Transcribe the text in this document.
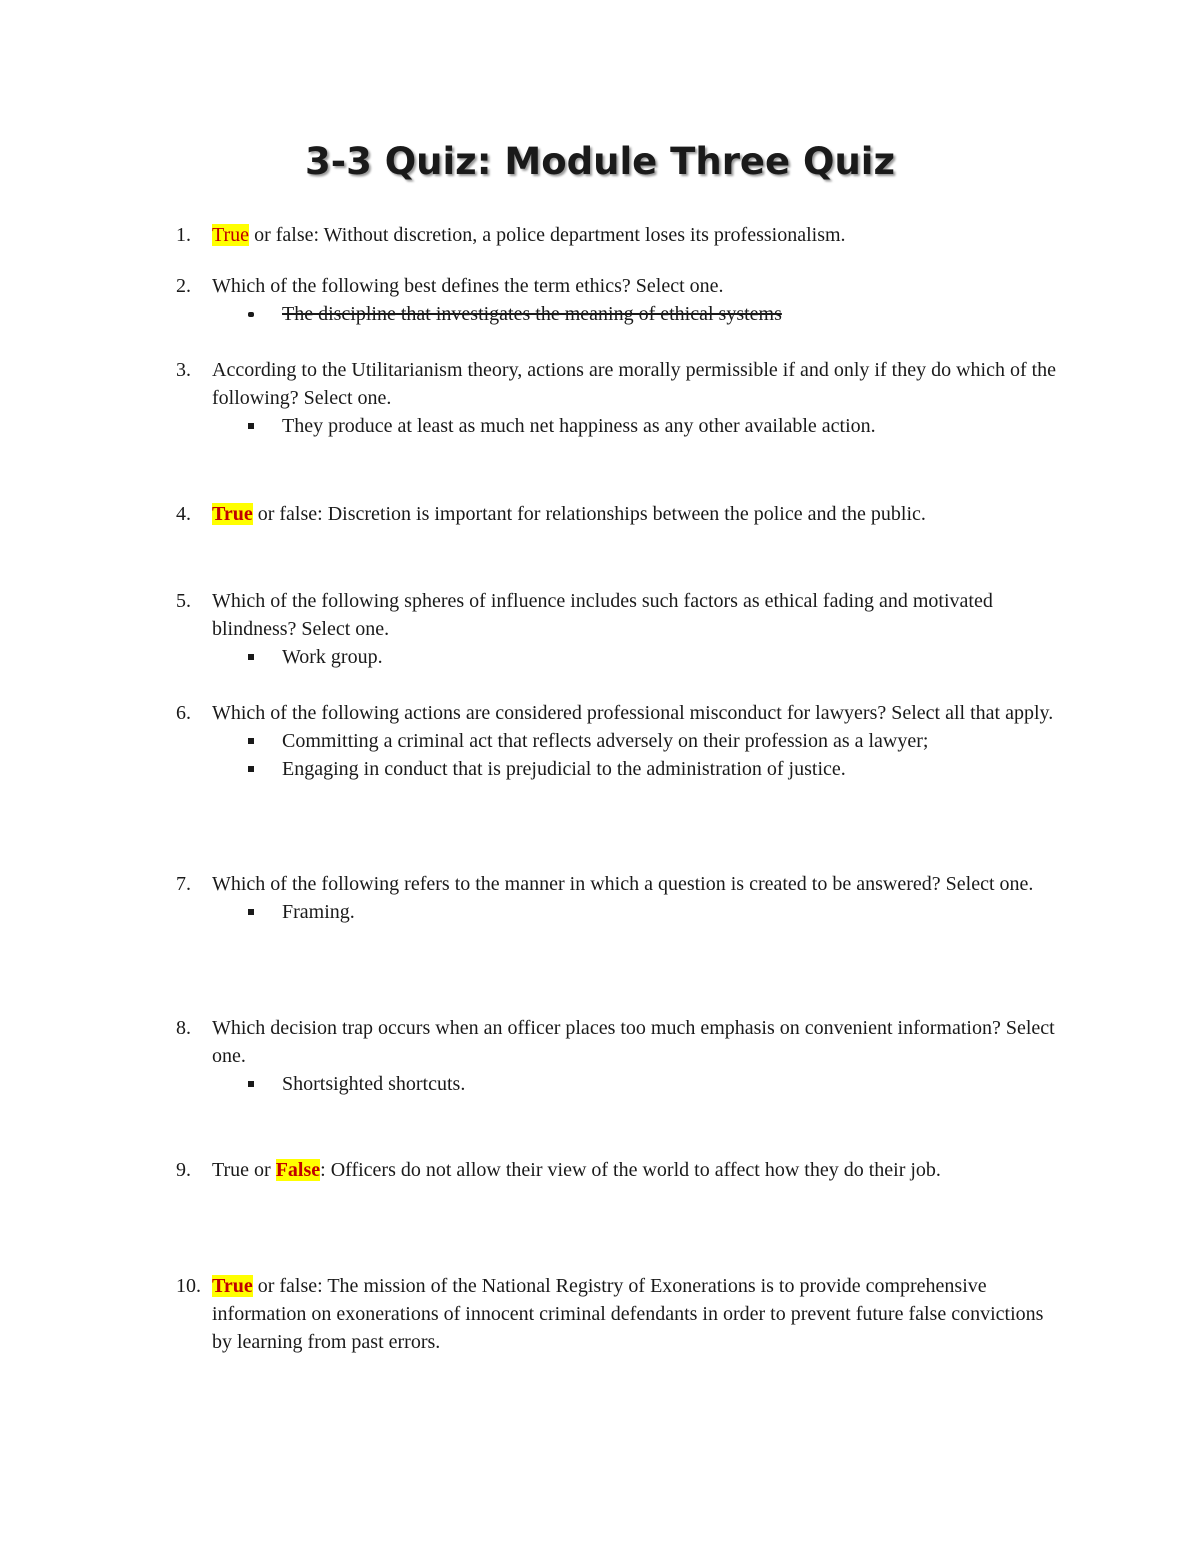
3-3 Quiz: Module Three Quiz
1.	True or false: Without discretion, a police department loses its professionalism.
2.	Which of the following best defines the term ethics? Select one.
The discipline that investigates the meaning of ethical systems
3.	According to the Utilitarianism theory, actions are morally permissible if and only if they do which of the following? Select one.
They produce at least as much net happiness as any other available action.
4.	True or false: Discretion is important for relationships between the police and the public.
5.	Which of the following spheres of influence includes such factors as ethical fading and motivated blindness? Select one.
Work group.
6.	Which of the following actions are considered professional misconduct for lawyers? Select all that apply.
Committing a criminal act that reflects adversely on their profession as a lawyer;
Engaging in conduct that is prejudicial to the administration of justice.
7.	Which of the following refers to the manner in which a question is created to be answered? Select one.
Framing.
8.	Which decision trap occurs when an officer places too much emphasis on convenient information? Select one.
Shortsighted shortcuts.
9.	True or False: Officers do not allow their view of the world to affect how they do their job.
10. True or false: The mission of the National Registry of Exonerations is to provide comprehensive information on exonerations of innocent criminal defendants in order to prevent future false convictions by learning from past errors.
